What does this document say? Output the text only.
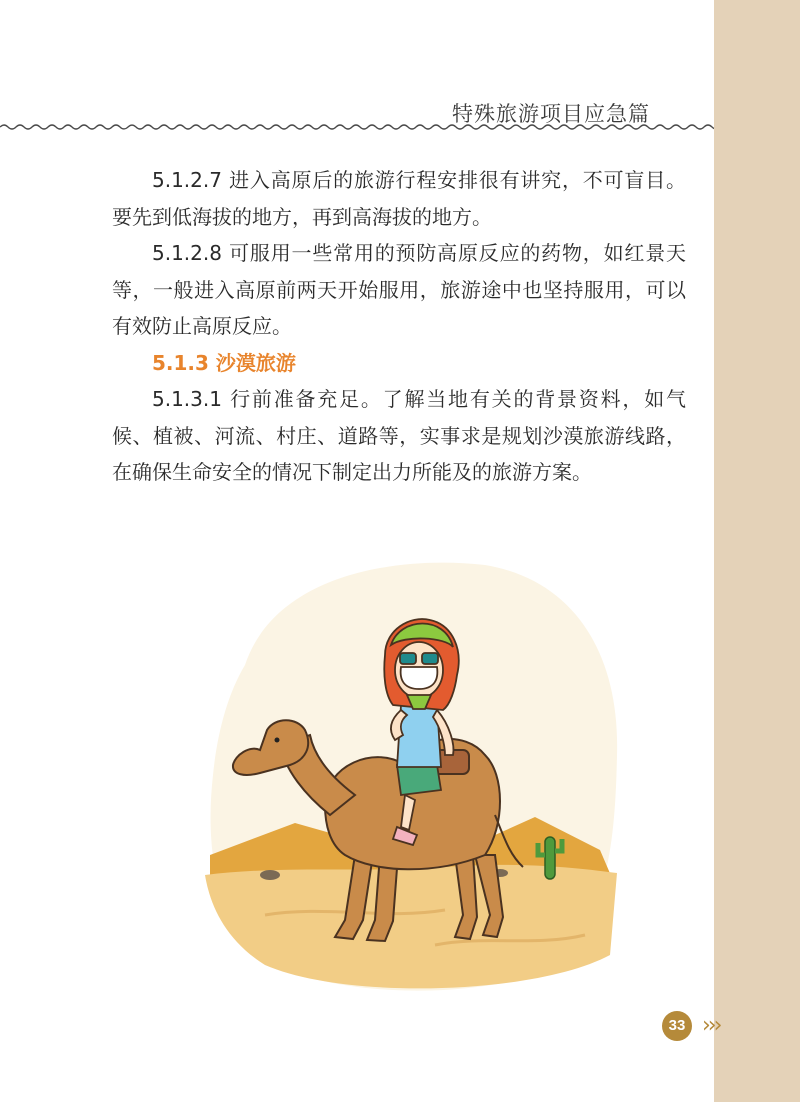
特殊旅游项目应急篇

5.1.2.7 进入高原后的旅游行程安排很有讲究，不可盲目。要先到低海拔的地方，再到高海拔的地方。

5.1.2.8 可服用一些常用的预防高原反应的药物，如红景天等，一般进入高原前两天开始服用，旅游途中也坚持服用，可以有效防止高原反应。

5.1.3 沙漠旅游

5.1.3.1 行前准备充足。了解当地有关的背景资料，如气候、植被、河流、村庄、道路等，实事求是规划沙漠旅游线路，在确保生命安全的情况下制定出力所能及的旅游方案。

33 ›››
